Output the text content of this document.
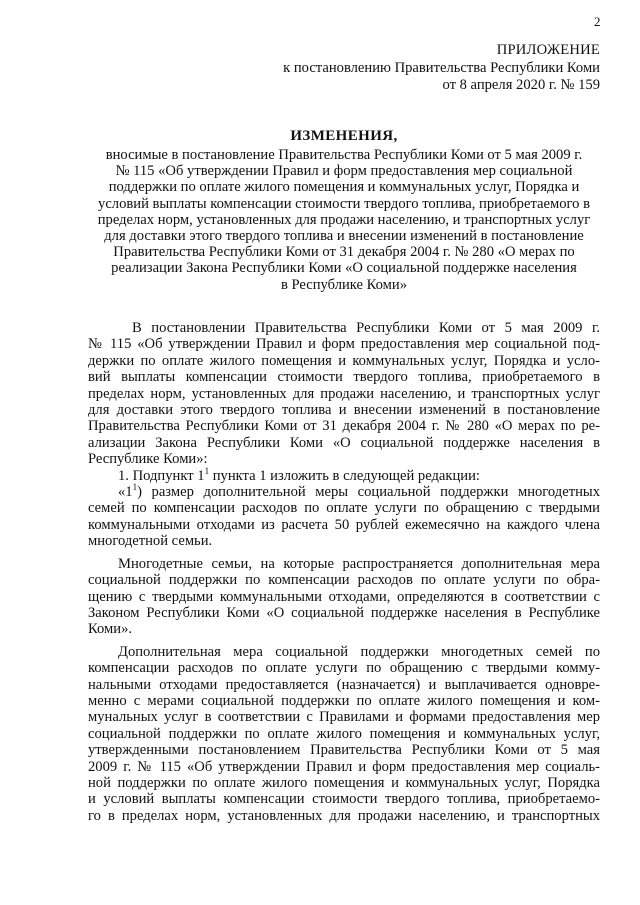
2
ПРИЛОЖЕНИЕ
к постановлению Правительства Республики Коми
от 8 апреля 2020 г. № 159
ИЗМЕНЕНИЯ,
вносимые в постановление Правительства Республики Коми от 5 мая 2009 г.
№ 115 «Об утверждении Правил и форм предоставления мер социальной
поддержки по оплате жилого помещения и коммунальных услуг, Порядка и
условий выплаты компенсации стоимости твердого топлива, приобретаемого в
пределах норм, установленных для продажи населению, и транспортных услуг
для доставки этого твердого топлива и внесении изменений в постановление
Правительства Республики Коми от 31 декабря 2004 г. № 280 «О мерах по
реализации Закона Республики Коми «О социальной поддержке населения
в Республике Коми»
В постановлении Правительства Республики Коми от 5 мая 2009 г.
№ 115 «Об утверждении Правил и форм предоставления мер социальной под-
держки по оплате жилого помещения и коммунальных услуг, Порядка и усло-
вий выплаты компенсации стоимости твердого топлива, приобретаемого в
пределах норм, установленных для продажи населению, и транспортных услуг
для доставки этого твердого топлива и внесении изменений в постановление
Правительства Республики Коми от 31 декабря 2004 г. № 280 «О мерах по ре-
ализации Закона Республики Коми «О социальной поддержке населения в
Республике Коми»:
1. Подпункт $1^1$ пункта 1 изложить в следующей редакции:
«$1^1$) размер дополнительной меры социальной поддержки многодетных
семей по компенсации расходов по оплате услуги по обращению с твердыми
коммунальными отходами из расчета 50 рублей ежемесячно на каждого члена
многодетной семьи.
Многодетные семьи, на которые распространяется дополнительная мера
социальной поддержки по компенсации расходов по оплате услуги по обра-
щению с твердыми коммунальными отходами, определяются в соответствии с
Законом Республики Коми «О социальной поддержке населения в Республике
Коми».
Дополнительная мера социальной поддержки многодетных семей по
компенсации расходов по оплате услуги по обращению с твердыми комму-
нальными отходами предоставляется (назначается) и выплачивается одновре-
менно с мерами социальной поддержки по оплате жилого помещения и ком-
мунальных услуг в соответствии с Правилами и формами предоставления мер
социальной поддержки по оплате жилого помещения и коммунальных услуг,
утвержденными постановлением Правительства Республики Коми от 5 мая
2009 г. № 115 «Об утверждении Правил и форм предоставления мер социаль-
ной поддержки по оплате жилого помещения и коммунальных услуг, Порядка
и условий выплаты компенсации стоимости твердого топлива, приобретаемо-
го в пределах норм, установленных для продажи населению, и транспортных
